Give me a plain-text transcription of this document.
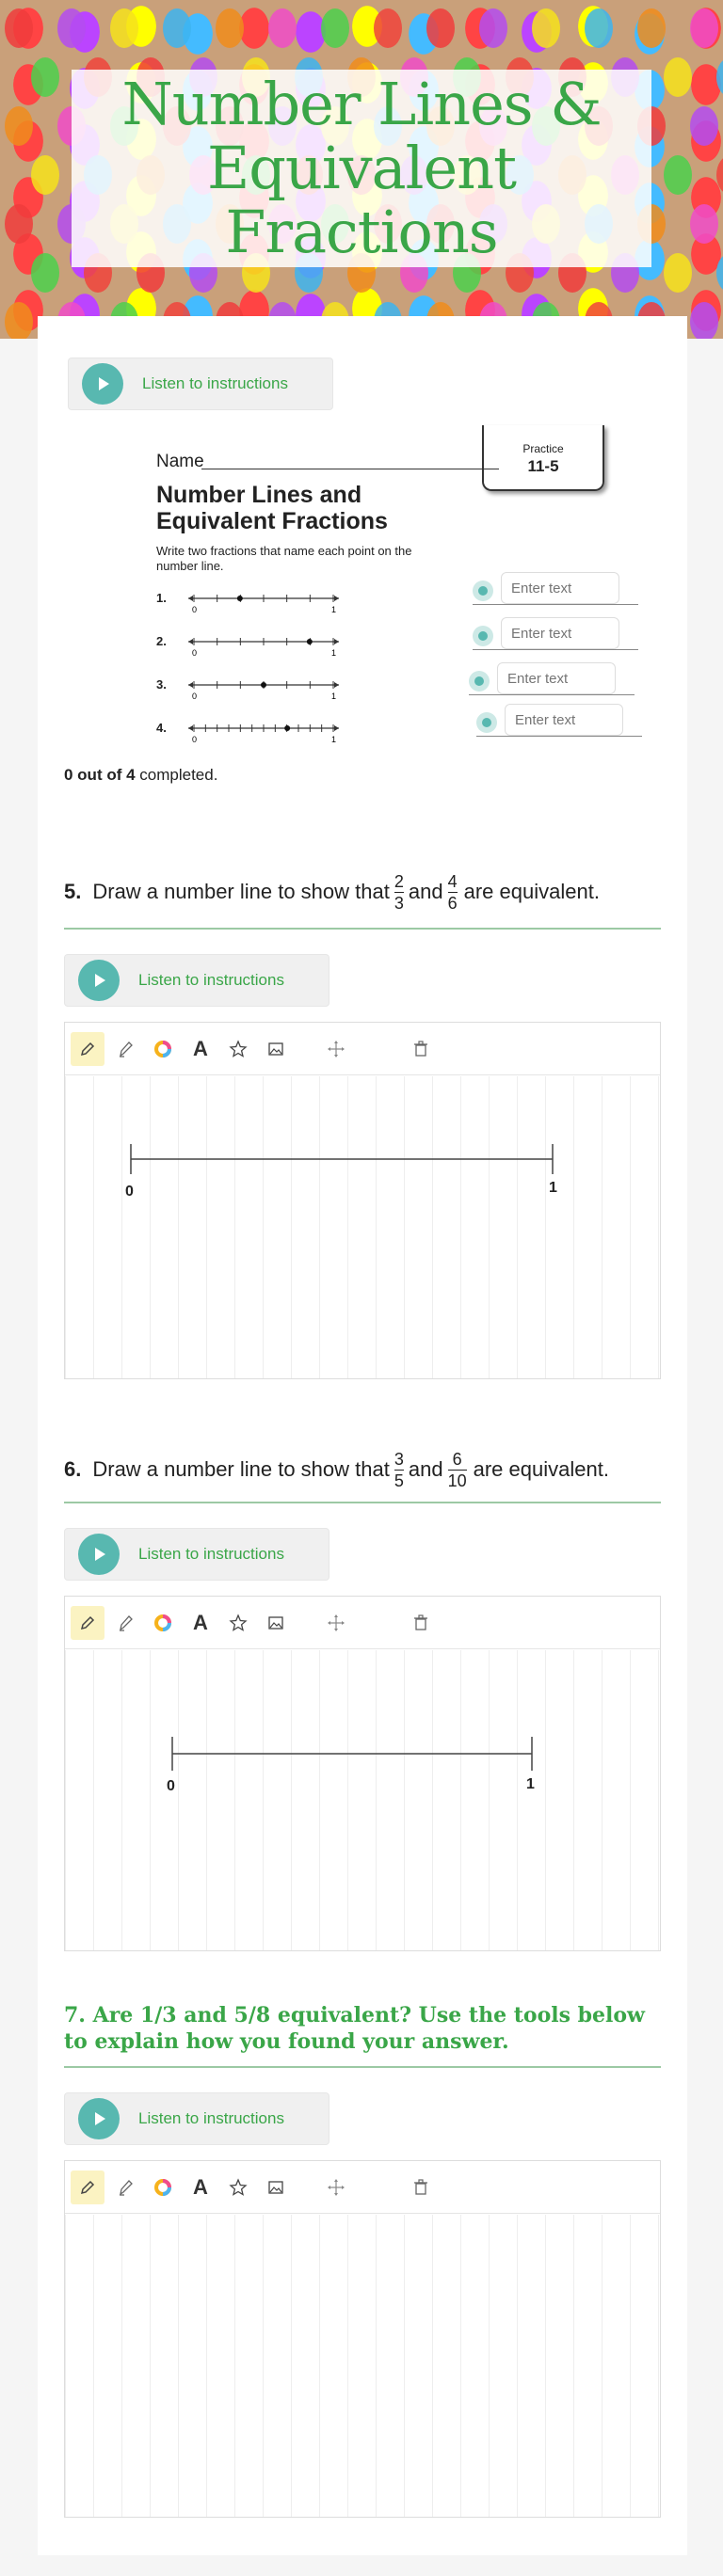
Number Lines & Equivalent Fractions
Listen to instructions
Name
Practice
11-5
Number Lines and Equivalent Fractions
Write two fractions that name each point on the number line.
1.
0	1
2.
0	1
3.
0	1
4.
0	1
Enter text
Enter text
Enter text
Enter text
0 out of 4 completed.
5. Draw a number line to show that $\frac{2}{3}$ and $\frac{4}{6}$ are equivalent.
Listen to instructions
A
0	1
6. Draw a number line to show that $\frac{3}{5}$ and $\frac{6}{10}$ are equivalent.
Listen to instructions
A
0	1
7. Are 1/3 and 5/8 equivalent? Use the tools below to explain how you found your answer.
Listen to instructions
A
